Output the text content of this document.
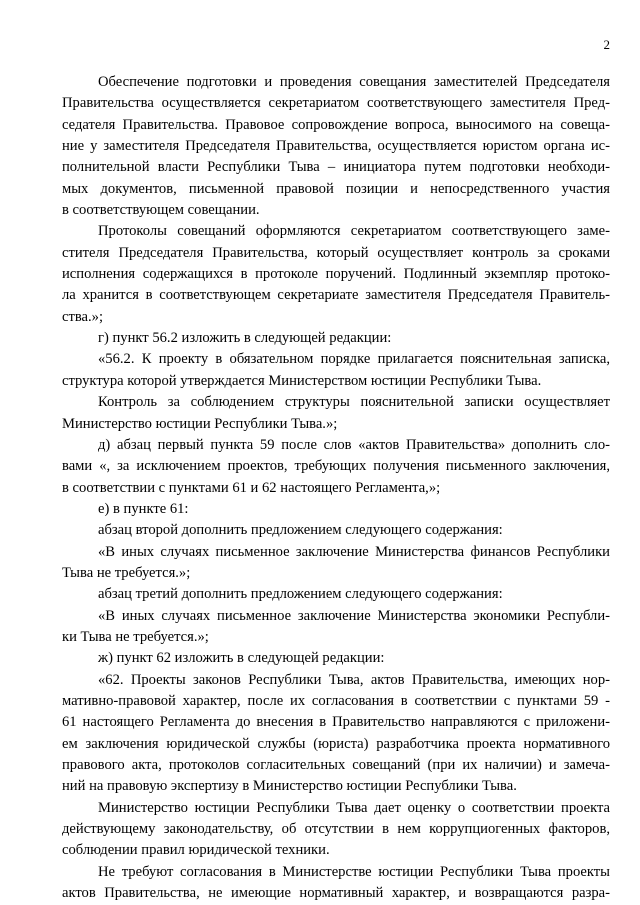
2
Обеспечение подготовки и проведения совещания заместителей Председателя
Правительства осуществляется секретариатом соответствующего заместителя Пред-
седателя Правительства. Правовое сопровождение вопроса, выносимого на совеща-
ние у заместителя Председателя Правительства, осуществляется юристом органа ис-
полнительной власти Республики Тыва – инициатора путем подготовки необходи-
мых документов, письменной правовой позиции и непосредственного участия
в соответствующем совещании.
Протоколы совещаний оформляются секретариатом соответствующего заме-
стителя Председателя Правительства, который осуществляет контроль за сроками
исполнения содержащихся в протоколе поручений. Подлинный экземпляр протоко-
ла хранится в соответствующем секретариате заместителя Председателя Правитель-
ства.»;
г) пункт 56.2 изложить в следующей редакции:
«56.2. К проекту в обязательном порядке прилагается пояснительная записка,
структура которой утверждается Министерством юстиции Республики Тыва.
Контроль за соблюдением структуры пояснительной записки осуществляет
Министерство юстиции Республики Тыва.»;
д) абзац первый пункта 59 после слов «актов Правительства» дополнить сло-
вами «, за исключением проектов, требующих получения письменного заключения,
в соответствии с пунктами 61 и 62 настоящего Регламента,»;
е) в пункте 61:
абзац второй дополнить предложением следующего содержания:
«В иных случаях письменное заключение Министерства финансов Республики
Тыва не требуется.»;
абзац третий дополнить предложением следующего содержания:
«В иных случаях письменное заключение Министерства экономики Республи-
ки Тыва не требуется.»;
ж) пункт 62 изложить в следующей редакции:
«62. Проекты законов Республики Тыва, актов Правительства, имеющих нор-
мативно-правовой характер, после их согласования в соответствии с пунктами 59 -
61 настоящего Регламента до внесения в Правительство направляются с приложени-
ем заключения юридической службы (юриста) разработчика проекта нормативного
правового акта, протоколов согласительных совещаний (при их наличии) и замеча-
ний на правовую экспертизу в Министерство юстиции Республики Тыва.
Министерство юстиции Республики Тыва дает оценку о соответствии проекта
действующему законодательству, об отсутствии в нем коррупциогенных факторов,
соблюдении правил юридической техники.
Не требуют согласования в Министерстве юстиции Республики Тыва проекты
актов Правительства, не имеющие нормативный характер, и возвращаются разра-
